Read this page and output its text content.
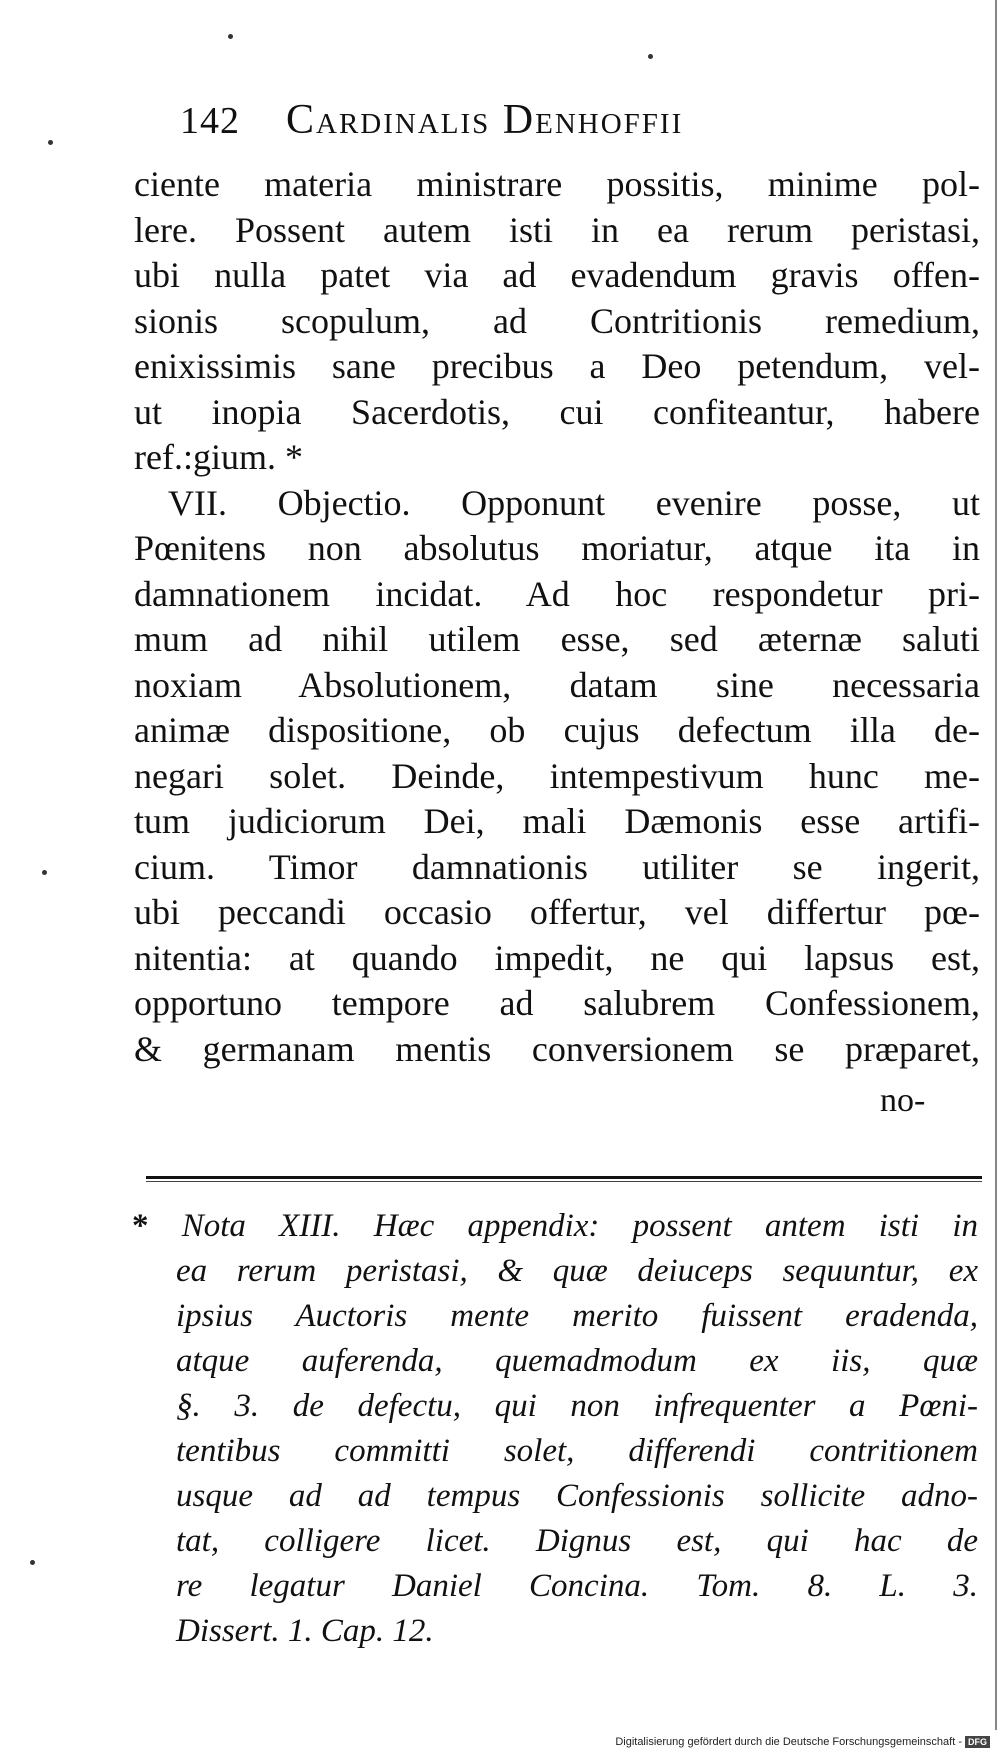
142 Cardinalis Denhoffii
ciente materia ministrare possitis, minime pol-
lere. Possent autem isti in ea rerum peristasi,
ubi nulla patet via ad evadendum gravis offen-
sionis scopulum, ad Contritionis remedium,
enixissimis sane precibus a Deo petendum, vel-
ut inopia Sacerdotis, cui confiteantur, habere
ref.:gium. *
VII. Objectio. Opponunt evenire posse, ut
Pœnitens non absolutus moriatur, atque ita in
damnationem incidat. Ad hoc respondetur pri-
mum ad nihil utilem esse, sed æternæ saluti
noxiam Absolutionem, datam sine necessaria
animæ dispositione, ob cujus defectum illa de-
negari solet. Deinde, intempestivum hunc me-
tum judiciorum Dei, mali Dæmonis esse artifi-
cium. Timor damnationis utiliter se ingerit,
ubi peccandi occasio offertur, vel differtur pœ-
nitentia: at quando impedit, ne qui lapsus est,
opportuno tempore ad salubrem Confessionem,
& germanam mentis conversionem se præparet,
no-
* Nota XIII. Hæc appendix: possent antem isti in
ea rerum peristasi, & quæ deiuceps sequuntur, ex
ipsius Auctoris mente merito fuissent eradenda,
atque auferenda, quemadmodum ex iis, quæ
§. 3. de defectu, qui non infrequenter a Pœni-
tentibus committi solet, differendi contritionem
usque ad ad tempus Confessionis sollicite adno-
tat, colligere licet. Dignus est, qui hac de
re legatur Daniel Concina. Tom. 8. L. 3.
Dissert. 1. Cap. 12.
Digitalisierung gefördert durch die Deutsche Forschungsgemeinschaft - DFG
